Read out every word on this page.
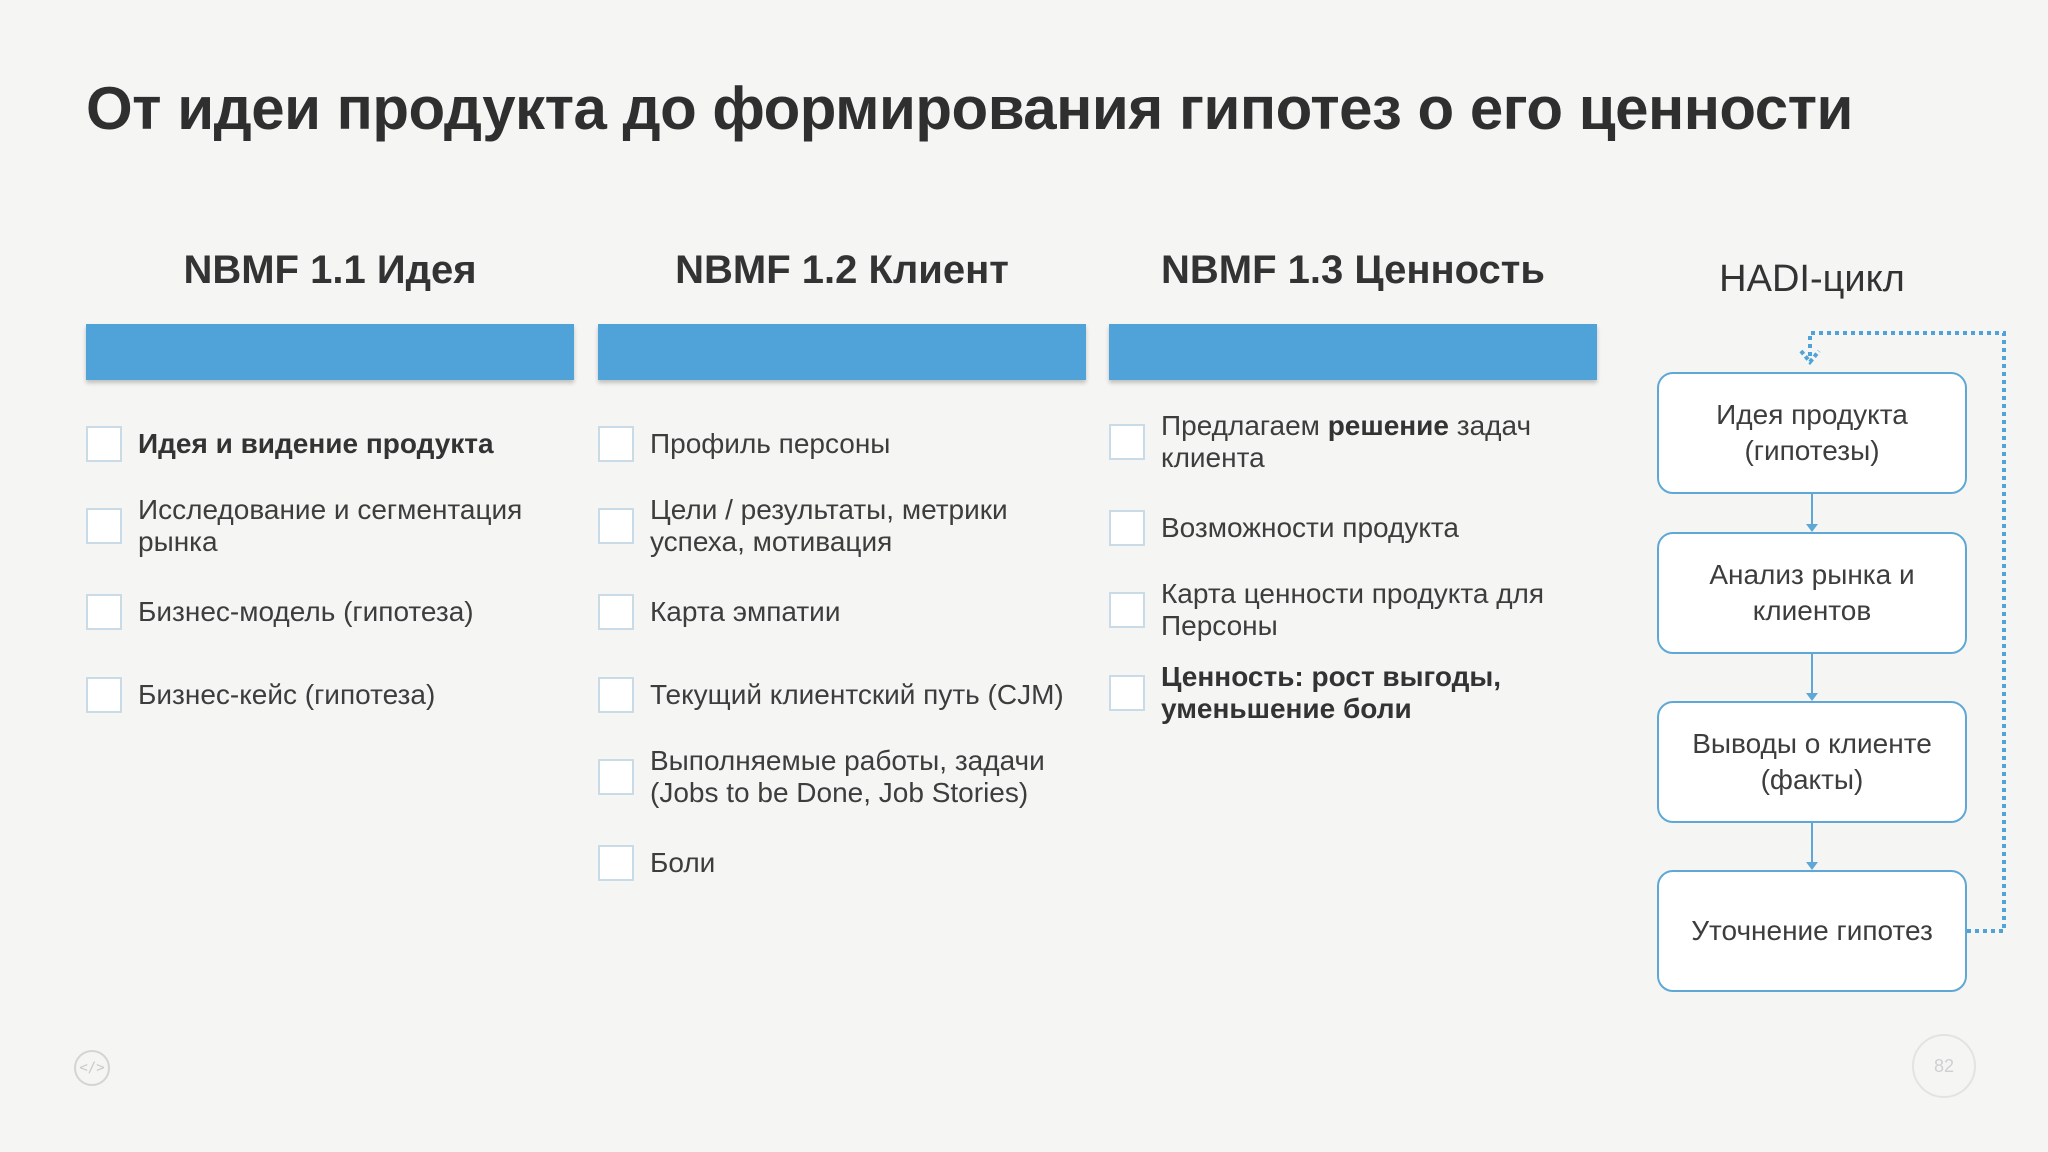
От идеи продукта до формирования гипотез о его ценности
NBMF 1.1 Идея
Идея и видение продукта
Исследование и сегментация рынка
Бизнес-модель (гипотеза)
Бизнес-кейс (гипотеза)
NBMF 1.2 Клиент
Профиль персоны
Цели / результаты, метрики успеха, мотивация
Карта эмпатии
Текущий клиентский путь (CJM)
Выполняемые работы, задачи (Jobs to be Done, Job Stories)
Боли
NBMF 1.3 Ценность
Предлагаем решение задач клиента
Возможности продукта
Карта ценности продукта для Персоны
Ценность: рост выгоды, уменьшение боли
HADI-цикл
Идея продукта (гипотезы)
Анализ рынка и клиентов
Выводы о клиенте (факты)
Уточнение гипотез
</>	82
